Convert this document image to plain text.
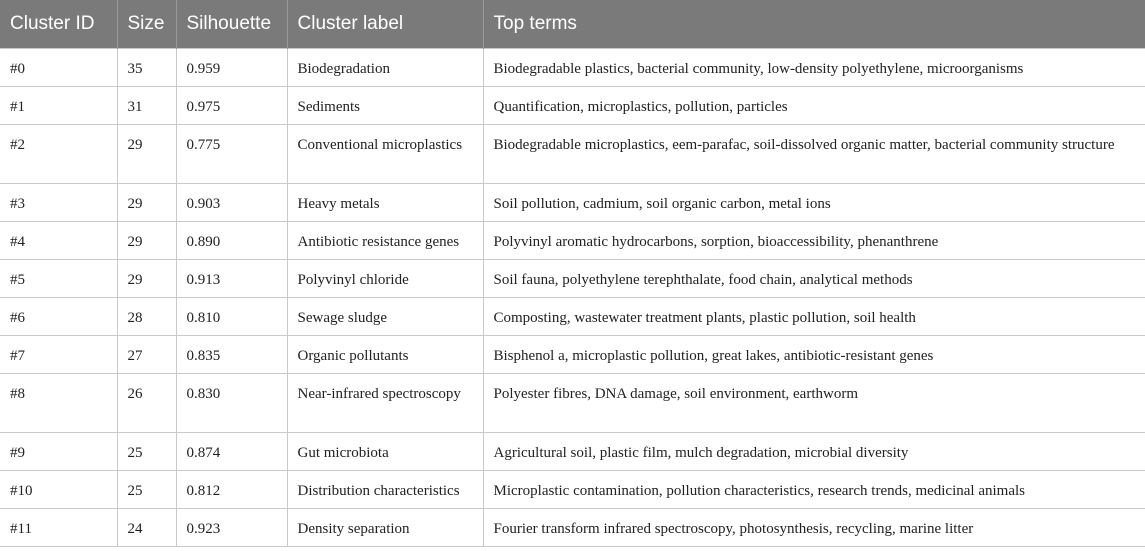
Cluster ID	Size	Silhouette	Cluster label	Top terms
#0	35	0.959	Biodegradation	Biodegradable plastics, bacterial community, low-density polyethylene, microorganisms
#1	31	0.975	Sediments	Quantification, microplastics, pollution, particles
#2	29	0.775	Conventional microplastics	Biodegradable microplastics, eem-parafac, soil-dissolved organic matter, bacterial community structure
#3	29	0.903	Heavy metals	Soil pollution, cadmium, soil organic carbon, metal ions
#4	29	0.890	Antibiotic resistance genes	Polyvinyl aromatic hydrocarbons, sorption, bioaccessibility, phenanthrene
#5	29	0.913	Polyvinyl chloride	Soil fauna, polyethylene terephthalate, food chain, analytical methods
#6	28	0.810	Sewage sludge	Composting, wastewater treatment plants, plastic pollution, soil health
#7	27	0.835	Organic pollutants	Bisphenol a, microplastic pollution, great lakes, antibiotic-resistant genes
#8	26	0.830	Near-infrared spectroscopy	Polyester fibres, DNA damage, soil environment, earthworm
#9	25	0.874	Gut microbiota	Agricultural soil, plastic film, mulch degradation, microbial diversity
#10	25	0.812	Distribution characteristics	Microplastic contamination, pollution characteristics, research trends, medicinal animals
#11	24	0.923	Density separation	Fourier transform infrared spectroscopy, photosynthesis, recycling, marine litter
